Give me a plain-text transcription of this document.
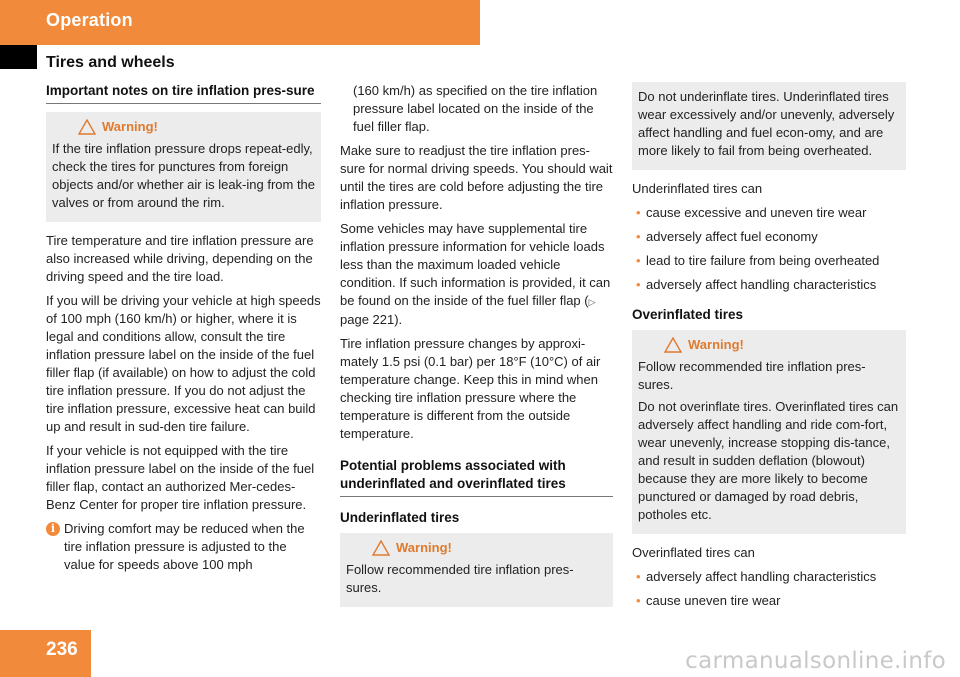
Operation
Tires and wheels
Important notes on tire inflation pres-sure
Warning!

If the tire inflation pressure drops repeat-edly, check the tires for punctures from foreign objects and/or whether air is leak-ing from the valves or from around the rim.

Tire temperature and tire inflation pressure are also increased while driving, depending on the driving speed and the tire load.

If you will be driving your vehicle at high speeds of 100 mph (160 km/h) or higher, where it is legal and conditions allow, consult the tire inflation pressure label on the inside of the fuel filler flap (if available) on how to adjust the cold tire inflation pressure. If you do not adjust the tire inflation pressure, excessive heat can build up and result in sud-den tire failure.

If your vehicle is not equipped with the tire inflation pressure label on the inside of the fuel filler flap, contact an authorized Mer-cedes-Benz Center for proper tire inflation pressure.

i Driving comfort may be reduced when the tire inflation pressure is adjusted to the value for speeds above 100 mph

(160 km/h) as specified on the tire inflation pressure label located on the inside of the fuel filler flap.

Make sure to readjust the tire inflation pres-sure for normal driving speeds. You should wait until the tires are cold before adjusting the tire inflation pressure.

Some vehicles may have supplemental tire inflation pressure information for vehicle loads less than the maximum loaded vehicle condition. If such information is provided, it can be found on the inside of the fuel filler flap (▷ page 221).

Tire inflation pressure changes by approxi-mately 1.5 psi (0.1 bar) per 18°F (10°C) of air temperature change. Keep this in mind when checking tire inflation pressure where the temperature is different from the outside temperature.

Potential problems associated with underinflated and overinflated tires
Underinflated tires
Warning!

Follow recommended tire inflation pres-sures.

Do not underinflate tires. Underinflated tires wear excessively and/or unevenly, adversely affect handling and fuel econ-omy, and are more likely to fail from being overheated.

Underinflated tires can

• cause excessive and uneven tire wear
• adversely affect fuel economy
• lead to tire failure from being overheated
• adversely affect handling characteristics
Overinflated tires
Warning!

Follow recommended tire inflation pres-sures.

Do not overinflate tires. Overinflated tires can adversely affect handling and ride com-fort, wear unevenly, increase stopping dis-tance, and result in sudden deflation (blowout) because they are more likely to become punctured or damaged by road debris, potholes etc.

Overinflated tires can

• adversely affect handling characteristics
• cause uneven tire wear
236	carmanualsonline.info
